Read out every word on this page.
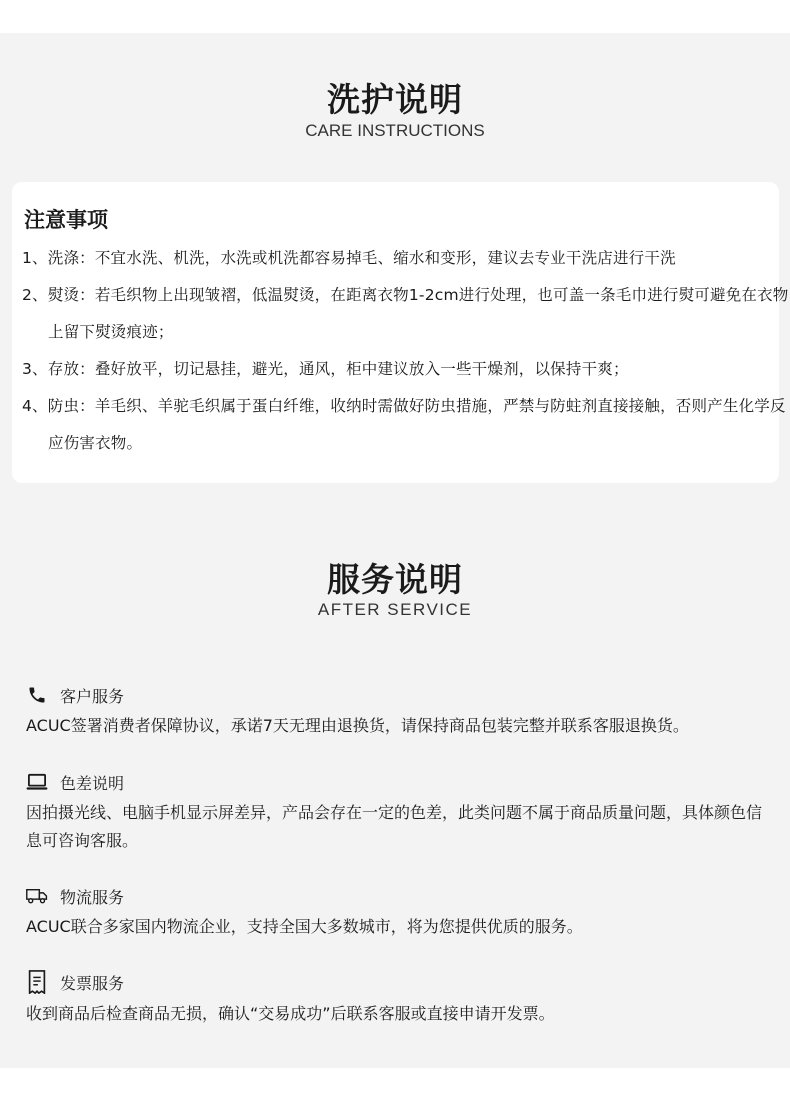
洗护说明
CARE INSTRUCTIONS
注意事项
1、洗涤：不宜水洗、机洗，水洗或机洗都容易掉毛、缩水和变形，建议去专业干洗店进行干洗
2、熨烫：若毛织物上出现皱褶，低温熨烫，在距离衣物1-2cm进行处理，也可盖一条毛巾进行熨可避免在衣物上留下熨烫痕迹；
3、存放：叠好放平，切记悬挂，避光，通风，柜中建议放入一些干燥剂，以保持干爽；
4、防虫：羊毛织、羊驼毛织属于蛋白纤维，收纳时需做好防虫措施，严禁与防蛀剂直接接触，否则产生化学反应伤害衣物。
服务说明
AFTER SERVICE
客户服务
ACUC签署消费者保障协议，承诺7天无理由退换货，请保持商品包装完整并联系客服退换货。
色差说明
因拍摄光线、电脑手机显示屏差异，产品会存在一定的色差，此类问题不属于商品质量问题，具体颜色信息可咨询客服。
物流服务
ACUC联合多家国内物流企业，支持全国大多数城市，将为您提供优质的服务。
发票服务
收到商品后检查商品无损，确认“交易成功”后联系客服或直接申请开发票。
